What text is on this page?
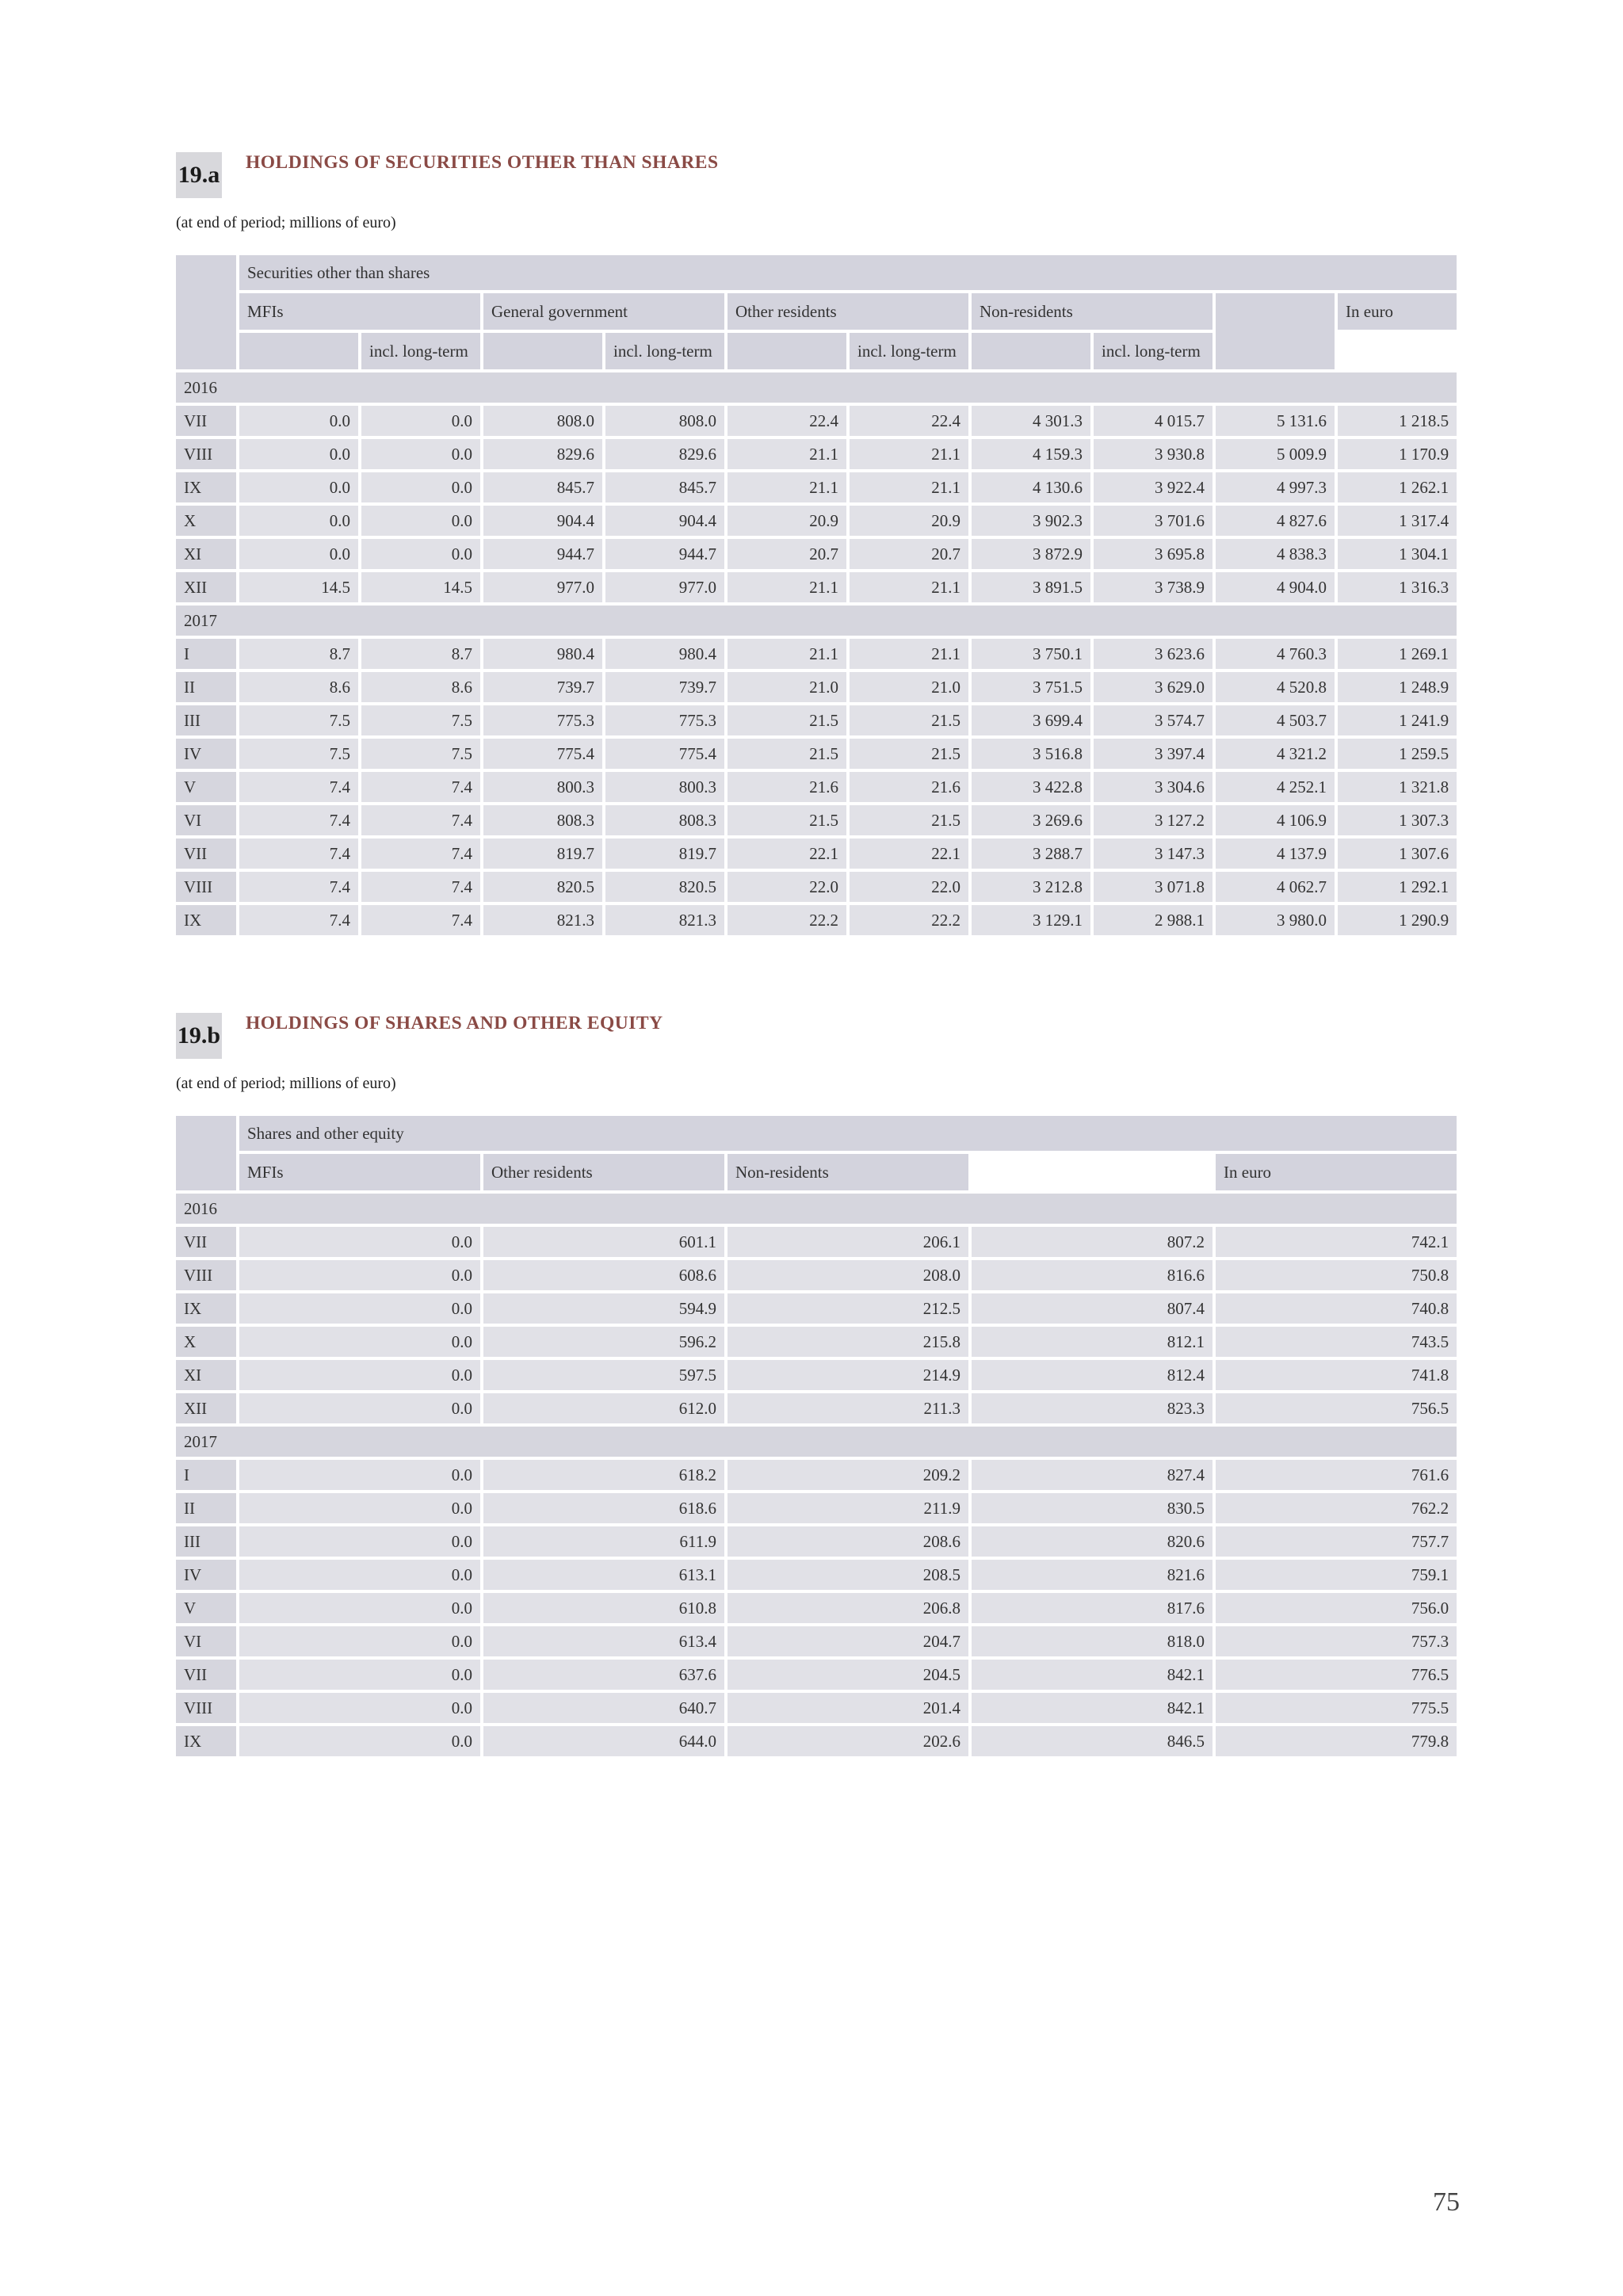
19.a HOLDINGS OF SECURITIES OTHER THAN SHARES
(at end of period; millions of euro)
	Securities other than shares									
	MFIs		General government		Other residents		Non-residents			In euro
		incl. long-term		incl. long-term		incl. long-term		incl. long-term		
2016										
VII	0.0	0.0	808.0	808.0	22.4	22.4	4 301.3	4 015.7	5 131.6	1 218.5
VIII	0.0	0.0	829.6	829.6	21.1	21.1	4 159.3	3 930.8	5 009.9	1 170.9
IX	0.0	0.0	845.7	845.7	21.1	21.1	4 130.6	3 922.4	4 997.3	1 262.1
X	0.0	0.0	904.4	904.4	20.9	20.9	3 902.3	3 701.6	4 827.6	1 317.4
XI	0.0	0.0	944.7	944.7	20.7	20.7	3 872.9	3 695.8	4 838.3	1 304.1
XII	14.5	14.5	977.0	977.0	21.1	21.1	3 891.5	3 738.9	4 904.0	1 316.3
2017										
I	8.7	8.7	980.4	980.4	21.1	21.1	3 750.1	3 623.6	4 760.3	1 269.1
II	8.6	8.6	739.7	739.7	21.0	21.0	3 751.5	3 629.0	4 520.8	1 248.9
III	7.5	7.5	775.3	775.3	21.5	21.5	3 699.4	3 574.7	4 503.7	1 241.9
IV	7.5	7.5	775.4	775.4	21.5	21.5	3 516.8	3 397.4	4 321.2	1 259.5
V	7.4	7.4	800.3	800.3	21.6	21.6	3 422.8	3 304.6	4 252.1	1 321.8
VI	7.4	7.4	808.3	808.3	21.5	21.5	3 269.6	3 127.2	4 106.9	1 307.3
VII	7.4	7.4	819.7	819.7	22.1	22.1	3 288.7	3 147.3	4 137.9	1 307.6
VIII	7.4	7.4	820.5	820.5	22.0	22.0	3 212.8	3 071.8	4 062.7	1 292.1
IX	7.4	7.4	821.3	821.3	22.2	22.2	3 129.1	2 988.1	3 980.0	1 290.9
19.b HOLDINGS OF SHARES AND OTHER EQUITY
(at end of period; millions of euro)
	Shares and other equity				
	MFIs	Other residents	Non-residents		In euro
2016					
VII	0.0	601.1	206.1	807.2	742.1
VIII	0.0	608.6	208.0	816.6	750.8
IX	0.0	594.9	212.5	807.4	740.8
X	0.0	596.2	215.8	812.1	743.5
XI	0.0	597.5	214.9	812.4	741.8
XII	0.0	612.0	211.3	823.3	756.5
2017					
I	0.0	618.2	209.2	827.4	761.6
II	0.0	618.6	211.9	830.5	762.2
III	0.0	611.9	208.6	820.6	757.7
IV	0.0	613.1	208.5	821.6	759.1
V	0.0	610.8	206.8	817.6	756.0
VI	0.0	613.4	204.7	818.0	757.3
VII	0.0	637.6	204.5	842.1	776.5
VIII	0.0	640.7	201.4	842.1	775.5
IX	0.0	644.0	202.6	846.5	779.8
75
